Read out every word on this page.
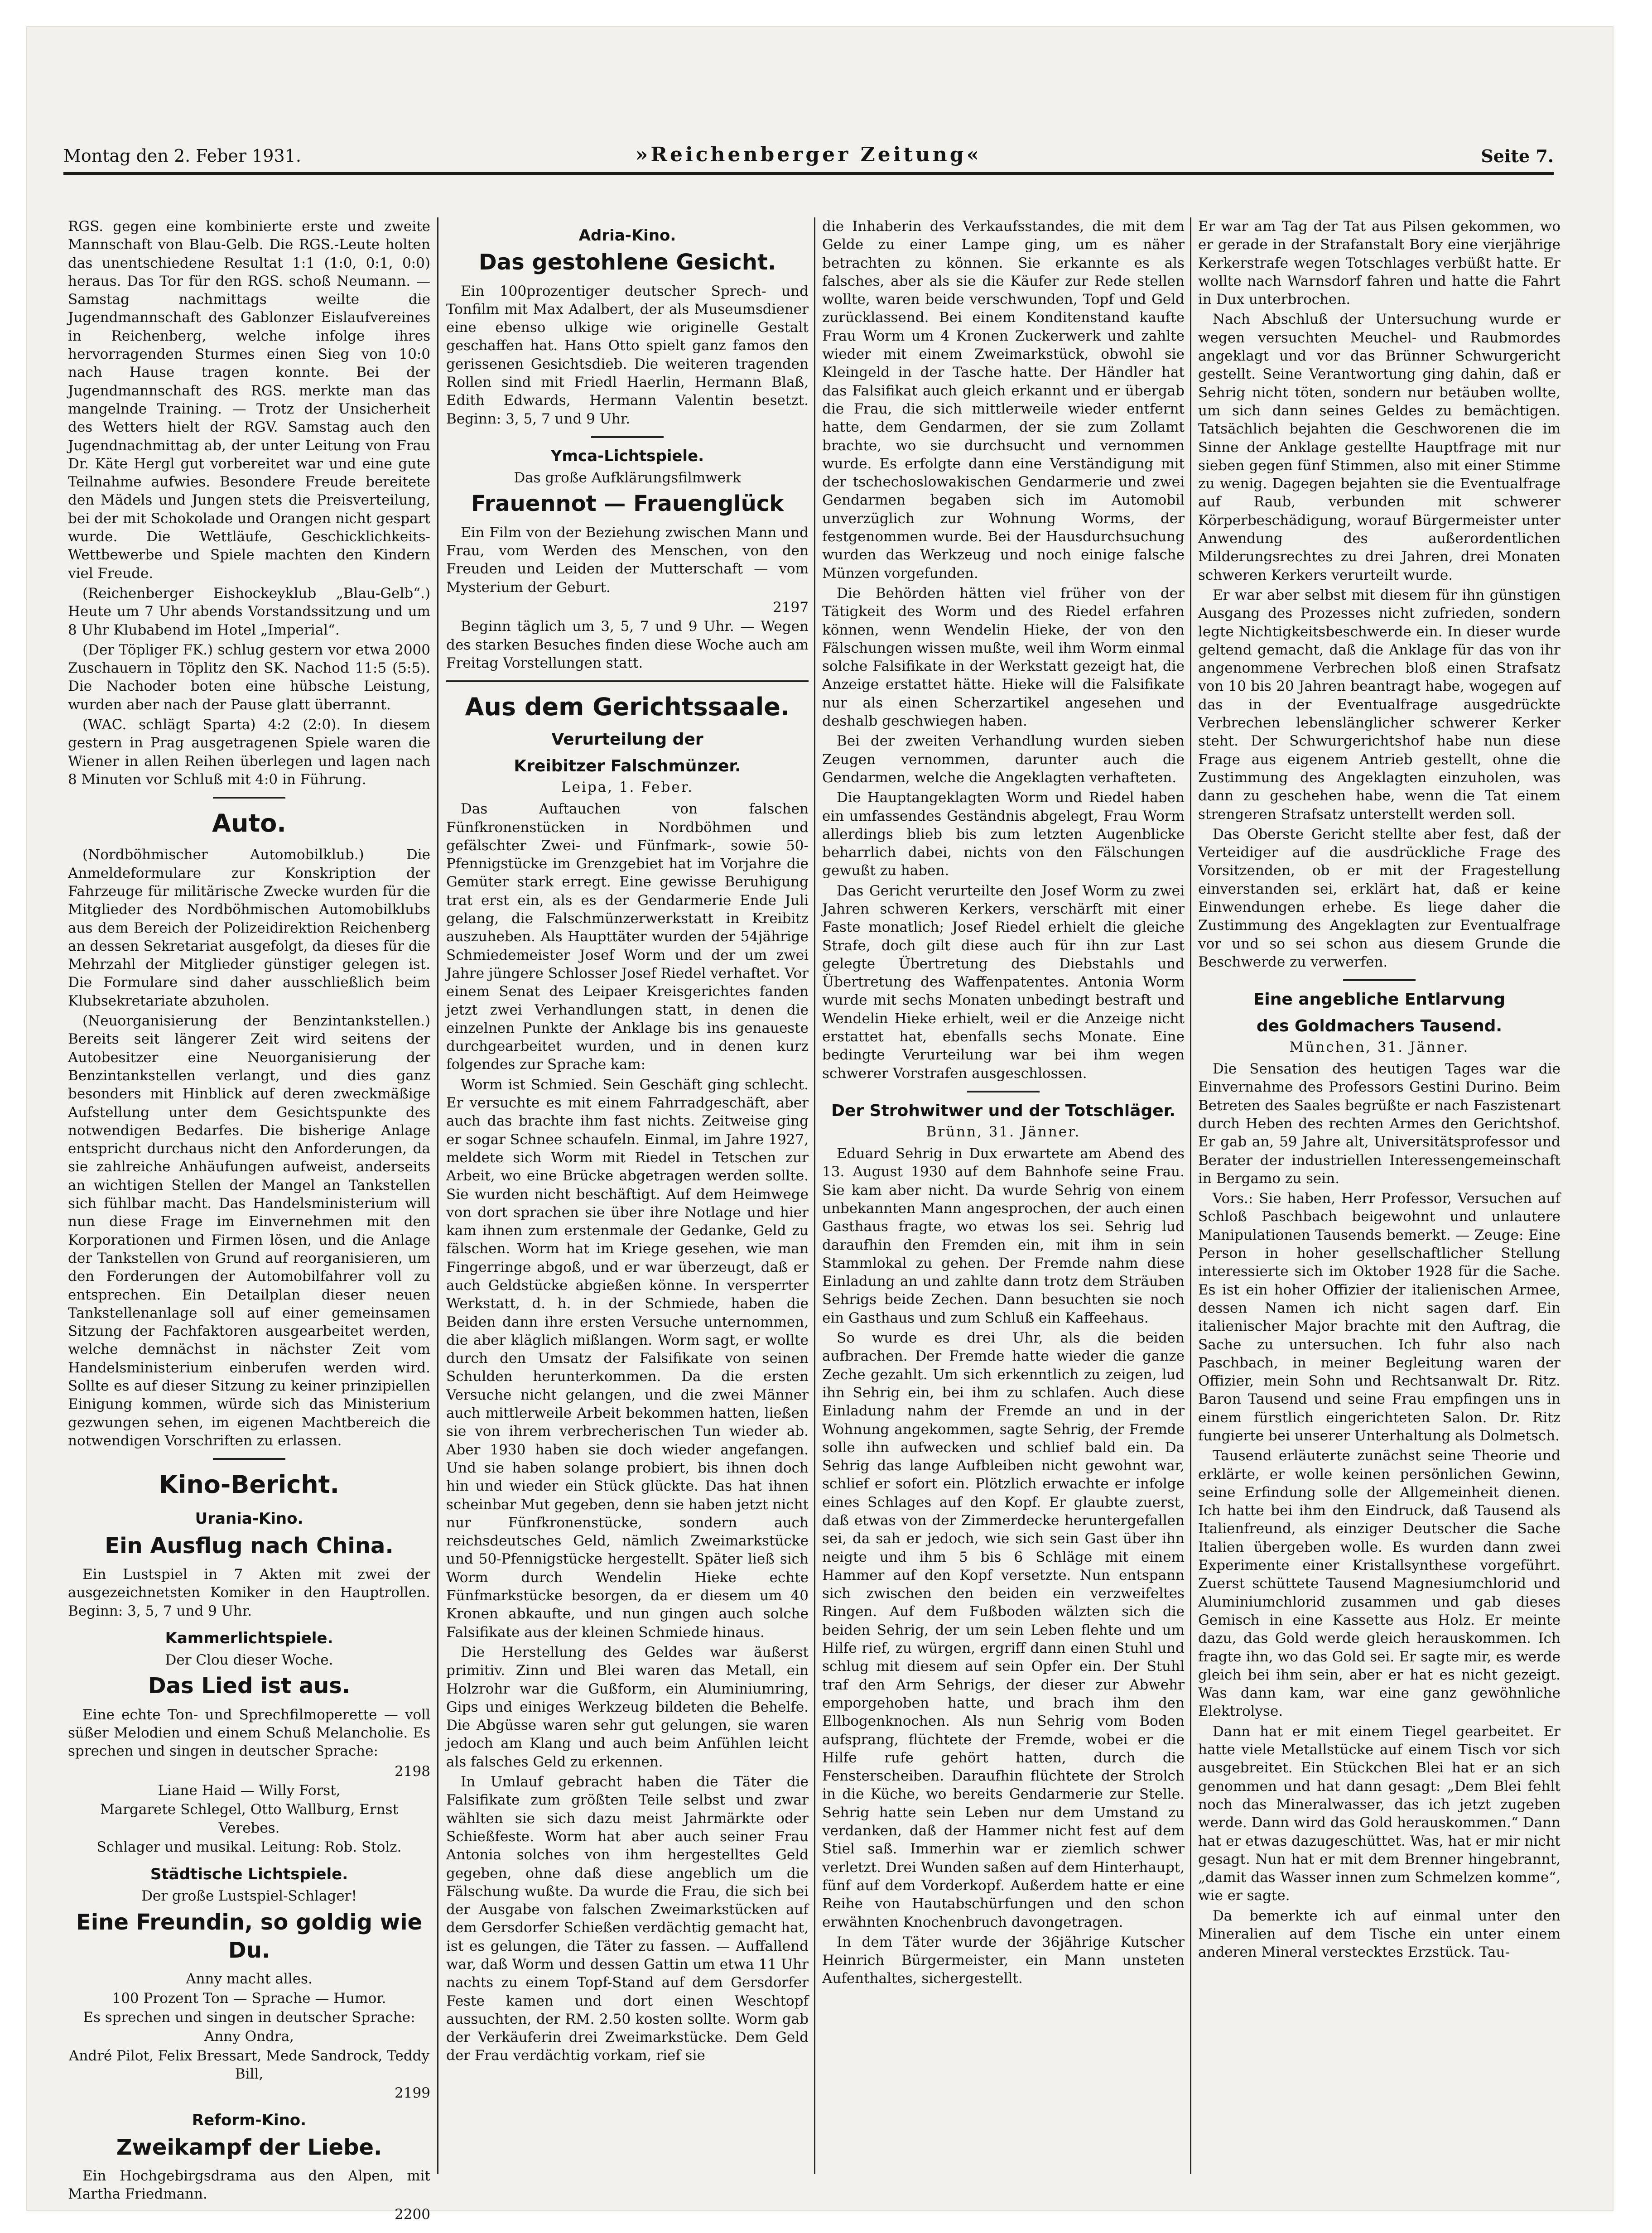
Montag den 2. Feber 1931.	»Reichenberger Zeitung«	Seite 7.

RGS. gegen eine kombinierte erste und zweite Mannschaft von Blau-Gelb. Die RGS.-Leute holten das unentschiedene Resultat 1:1 (1:0, 0:1, 0:0) heraus. Das Tor für den RGS. schoß Neumann. — Samstag nachmittags weilte die Jugendmannschaft des Gablonzer Eislaufvereines in Reichenberg, welche infolge ihres hervorragenden Sturmes einen Sieg von 10:0 nach Hause tragen konnte. Bei der Jugendmannschaft des RGS. merkte man das mangelnde Training. — Trotz der Unsicherheit des Wetters hielt der RGV. Samstag auch den Jugendnachmittag ab, der unter Leitung von Frau Dr. Käte Hergl gut vorbereitet war und eine gute Teilnahme aufwies. Besondere Freude bereitete den Mädels und Jungen stets die Preisverteilung, bei der mit Schokolade und Orangen nicht gespart wurde. Die Wettläufe, Geschicklichkeits-Wettbewerbe und Spiele machten den Kindern viel Freude.

(Reichenberger Eishockeyklub „Blau-Gelb“.) Heute um 7 Uhr abends Vorstandssitzung und um 8 Uhr Klubabend im Hotel „Imperial“.

(Der Töpliger FK.) schlug gestern vor etwa 2000 Zuschauern in Töplitz den SK. Nachod 11:5 (5:5). Die Nachoder boten eine hübsche Leistung, wurden aber nach der Pause glatt überrannt.

(WAC. schlägt Sparta) 4:2 (2:0). In diesem gestern in Prag ausgetragenen Spiele waren die Wiener in allen Reihen überlegen und lagen nach 8 Minuten vor Schluß mit 4:0 in Führung.

Auto.

(Nordböhmischer Automobilklub.) Die Anmeldeformulare zur Konskription der Fahrzeuge für militärische Zwecke wurden für die Mitglieder des Nordböhmischen Automobilklubs aus dem Bereich der Polizeidirektion Reichenberg an dessen Sekretariat ausgefolgt, da dieses für die Mehrzahl der Mitglieder günstiger gelegen ist. Die Formulare sind daher ausschließlich beim Klubsekretariate abzuholen.

(Neuorganisierung der Benzintankstellen.) Bereits seit längerer Zeit wird seitens der Autobesitzer eine Neuorganisierung der Benzintankstellen verlangt, und dies ganz besonders mit Hinblick auf deren zweckmäßige Aufstellung unter dem Gesichtspunkte des notwendigen Bedarfes. Die bisherige Anlage entspricht durchaus nicht den Anforderungen, da sie zahlreiche Anhäufungen aufweist, anderseits an wichtigen Stellen der Mangel an Tankstellen sich fühlbar macht. Das Handelsministerium will nun diese Frage im Einvernehmen mit den Korporationen und Firmen lösen, und die Anlage der Tankstellen von Grund auf reorganisieren, um den Forderungen der Automobilfahrer voll zu entsprechen. Ein Detailplan dieser neuen Tankstellenanlage soll auf einer gemeinsamen Sitzung der Fachfaktoren ausgearbeitet werden, welche demnächst in nächster Zeit vom Handelsministerium einberufen werden wird. Sollte es auf dieser Sitzung zu keiner prinzipiellen Einigung kommen, würde sich das Ministerium gezwungen sehen, im eigenen Machtbereich die notwendigen Vorschriften zu erlassen.

Kino-Bericht.
Urania-Kino.
Ein Ausflug nach China.

Ein Lustspiel in 7 Akten mit zwei der ausgezeichnetsten Komiker in den Hauptrollen. Beginn: 3, 5, 7 und 9 Uhr.

Kammerlichtspiele.
Der Clou dieser Woche.
Das Lied ist aus.

Eine echte Ton- und Sprechfilmoperette — voll süßer Melodien und einem Schuß Melancholie. Es sprechen und singen in deutscher Sprache:

2198
Liane Haid — Willy Forst,
Margarete Schlegel, Otto Wallburg, Ernst Verebes.
Schlager und musikal. Leitung: Rob. Stolz.
Städtische Lichtspiele.
Der große Lustspiel-Schlager!
Eine Freundin, so goldig wie Du.
Anny macht alles.
100 Prozent Ton — Sprache — Humor.
Es sprechen und singen in deutscher Sprache:
Anny Ondra,
André Pilot, Felix Bressart, Mede Sandrock, Teddy Bill,
2199
Reform-Kino.
Zweikampf der Liebe.

Ein Hochgebirgsdrama aus den Alpen, mit Martha Friedmann.

2200
Adria-Kino.
Das gestohlene Gesicht.

Ein 100prozentiger deutscher Sprech- und Tonfilm mit Max Adalbert, der als Museumsdiener eine ebenso ulkige wie originelle Gestalt geschaffen hat. Hans Otto spielt ganz famos den gerissenen Gesichtsdieb. Die weiteren tragenden Rollen sind mit Friedl Haerlin, Hermann Blaß, Edith Edwards, Hermann Valentin besetzt. Beginn: 3, 5, 7 und 9 Uhr.

Ymca-Lichtspiele.
Das große Aufklärungsfilmwerk
Frauennot — Frauenglück

Ein Film von der Beziehung zwischen Mann und Frau, vom Werden des Menschen, von den Freuden und Leiden der Mutterschaft — vom Mysterium der Geburt.

2197

Beginn täglich um 3, 5, 7 und 9 Uhr. — Wegen des starken Besuches finden diese Woche auch am Freitag Vorstellungen statt.

Aus dem Gerichtssaale.
Verurteilung der
Kreibitzer Falschmünzer.
Leipa, 1. Feber.

Das Auftauchen von falschen Fünfkronenstücken in Nordböhmen und gefälschter Zwei- und Fünfmark-, sowie 50-Pfennigstücke im Grenzgebiet hat im Vorjahre die Gemüter stark erregt. Eine gewisse Beruhigung trat erst ein, als es der Gendarmerie Ende Juli gelang, die Falschmünzerwerkstatt in Kreibitz auszuheben. Als Haupttäter wurden der 54jährige Schmiedemeister Josef Worm und der um zwei Jahre jüngere Schlosser Josef Riedel verhaftet. Vor einem Senat des Leipaer Kreisgerichtes fanden jetzt zwei Verhandlungen statt, in denen die einzelnen Punkte der Anklage bis ins genaueste durchgearbeitet wurden, und in denen kurz folgendes zur Sprache kam:

Worm ist Schmied. Sein Geschäft ging schlecht. Er versuchte es mit einem Fahrradgeschäft, aber auch das brachte ihm fast nichts. Zeitweise ging er sogar Schnee schaufeln. Einmal, im Jahre 1927, meldete sich Worm mit Riedel in Tetschen zur Arbeit, wo eine Brücke abgetragen werden sollte. Sie wurden nicht beschäftigt. Auf dem Heimwege von dort sprachen sie über ihre Notlage und hier kam ihnen zum erstenmale der Gedanke, Geld zu fälschen. Worm hat im Kriege gesehen, wie man Fingerringe abgoß, und er war überzeugt, daß er auch Geldstücke abgießen könne. In versperrter Werkstatt, d. h. in der Schmiede, haben die Beiden dann ihre ersten Versuche unternommen, die aber kläglich mißlangen. Worm sagt, er wollte durch den Umsatz der Falsifikate von seinen Schulden herunterkommen. Da die ersten Versuche nicht gelangen, und die zwei Männer auch mittlerweile Arbeit bekommen hatten, ließen sie von ihrem verbrecherischen Tun wieder ab. Aber 1930 haben sie doch wieder angefangen. Und sie haben solange probiert, bis ihnen doch hin und wieder ein Stück glückte. Das hat ihnen scheinbar Mut gegeben, denn sie haben jetzt nicht nur Fünfkronenstücke, sondern auch reichsdeutsches Geld, nämlich Zweimarkstücke und 50-Pfennigstücke hergestellt. Später ließ sich Worm durch Wendelin Hieke echte Fünfmarkstücke besorgen, da er diesem um 40 Kronen abkaufte, und nun gingen auch solche Falsifikate aus der kleinen Schmiede hinaus.

Die Herstellung des Geldes war äußerst primitiv. Zinn und Blei waren das Metall, ein Holzrohr war die Gußform, ein Aluminiumring, Gips und einiges Werkzeug bildeten die Behelfe. Die Abgüsse waren sehr gut gelungen, sie waren jedoch am Klang und auch beim Anfühlen leicht als falsches Geld zu erkennen.

In Umlauf gebracht haben die Täter die Falsifikate zum größten Teile selbst und zwar wählten sie sich dazu meist Jahrmärkte oder Schießfeste. Worm hat aber auch seiner Frau Antonia solches von ihm hergestelltes Geld gegeben, ohne daß diese angeblich um die Fälschung wußte. Da wurde die Frau, die sich bei der Ausgabe von falschen Zweimarkstücken auf dem Gersdorfer Schießen verdächtig gemacht hat, ist es gelungen, die Täter zu fassen. — Auffallend war, daß Worm und dessen Gattin um etwa 11 Uhr nachts zu einem Topf-Stand auf dem Gersdorfer Feste kamen und dort einen Weschtopf aussuchten, der RM. 2.50 kosten sollte. Worm gab der Verkäuferin drei Zweimarkstücke. Dem Geld der Frau verdächtig vorkam, rief sie

die Inhaberin des Verkaufsstandes, die mit dem Gelde zu einer Lampe ging, um es näher betrachten zu können. Sie erkannte es als falsches, aber als sie die Käufer zur Rede stellen wollte, waren beide verschwunden, Topf und Geld zurücklassend. Bei einem Konditenstand kaufte Frau Worm um 4 Kronen Zuckerwerk und zahlte wieder mit einem Zweimarkstück, obwohl sie Kleingeld in der Tasche hatte. Der Händler hat das Falsifikat auch gleich erkannt und er übergab die Frau, die sich mittlerweile wieder entfernt hatte, dem Gendarmen, der sie zum Zollamt brachte, wo sie durchsucht und vernommen wurde. Es erfolgte dann eine Verständigung mit der tschechoslowakischen Gendarmerie und zwei Gendarmen begaben sich im Automobil unverzüglich zur Wohnung Worms, der festgenommen wurde. Bei der Hausdurchsuchung wurden das Werkzeug und noch einige falsche Münzen vorgefunden.

Die Behörden hätten viel früher von der Tätigkeit des Worm und des Riedel erfahren können, wenn Wendelin Hieke, der von den Fälschungen wissen mußte, weil ihm Worm einmal solche Falsifikate in der Werkstatt gezeigt hat, die Anzeige erstattet hätte. Hieke will die Falsifikate nur als einen Scherzartikel angesehen und deshalb geschwiegen haben.

Bei der zweiten Verhandlung wurden sieben Zeugen vernommen, darunter auch die Gendarmen, welche die Angeklagten verhafteten.

Die Hauptangeklagten Worm und Riedel haben ein umfassendes Geständnis abgelegt, Frau Worm allerdings blieb bis zum letzten Augenblicke beharrlich dabei, nichts von den Fälschungen gewußt zu haben.

Das Gericht verurteilte den Josef Worm zu zwei Jahren schweren Kerkers, verschärft mit einer Faste monatlich; Josef Riedel erhielt die gleiche Strafe, doch gilt diese auch für ihn zur Last gelegte Übertretung des Diebstahls und Übertretung des Waffenpatentes. Antonia Worm wurde mit sechs Monaten unbedingt bestraft und Wendelin Hieke erhielt, weil er die Anzeige nicht erstattet hat, ebenfalls sechs Monate. Eine bedingte Verurteilung war bei ihm wegen schwerer Vorstrafen ausgeschlossen.

Der Strohwitwer und der Totschläger.
Brünn, 31. Jänner.

Eduard Sehrig in Dux erwartete am Abend des 13. August 1930 auf dem Bahnhofe seine Frau. Sie kam aber nicht. Da wurde Sehrig von einem unbekannten Mann angesprochen, der auch einen Gasthaus fragte, wo etwas los sei. Sehrig lud daraufhin den Fremden ein, mit ihm in sein Stammlokal zu gehen. Der Fremde nahm diese Einladung an und zahlte dann trotz dem Sträuben Sehrigs beide Zechen. Dann besuchten sie noch ein Gasthaus und zum Schluß ein Kaffeehaus.

So wurde es drei Uhr, als die beiden aufbrachen. Der Fremde hatte wieder die ganze Zeche gezahlt. Um sich erkenntlich zu zeigen, lud ihn Sehrig ein, bei ihm zu schlafen. Auch diese Einladung nahm der Fremde an und in der Wohnung angekommen, sagte Sehrig, der Fremde solle ihn aufwecken und schlief bald ein. Da Sehrig das lange Aufbleiben nicht gewohnt war, schlief er sofort ein. Plötzlich erwachte er infolge eines Schlages auf den Kopf. Er glaubte zuerst, daß etwas von der Zimmerdecke heruntergefallen sei, da sah er jedoch, wie sich sein Gast über ihn neigte und ihm 5 bis 6 Schläge mit einem Hammer auf den Kopf versetzte. Nun entspann sich zwischen den beiden ein verzweifeltes Ringen. Auf dem Fußboden wälzten sich die beiden Sehrig, der um sein Leben flehte und um Hilfe rief, zu würgen, ergriff dann einen Stuhl und schlug mit diesem auf sein Opfer ein. Der Stuhl traf den Arm Sehrigs, der dieser zur Abwehr emporgehoben hatte, und brach ihm den Ellbogenknochen. Als nun Sehrig vom Boden aufsprang, flüchtete der Fremde, wobei er die Hilfe rufe gehört hatten, durch die Fensterscheiben. Daraufhin flüchtete der Strolch in die Küche, wo bereits Gendarmerie zur Stelle. Sehrig hatte sein Leben nur dem Umstand zu verdanken, daß der Hammer nicht fest auf dem Stiel saß. Immerhin war er ziemlich schwer verletzt. Drei Wunden saßen auf dem Hinterhaupt, fünf auf dem Vorderkopf. Außerdem hatte er eine Reihe von Hautabschürfungen und den schon erwähnten Knochenbruch davongetragen.

In dem Täter wurde der 36jährige Kutscher Heinrich Bürgermeister, ein Mann unsteten Aufenthaltes, sichergestellt.

Er war am Tag der Tat aus Pilsen gekommen, wo er gerade in der Strafanstalt Bory eine vierjährige Kerkerstrafe wegen Totschlages verbüßt hatte. Er wollte nach Warnsdorf fahren und hatte die Fahrt in Dux unterbrochen.

Nach Abschluß der Untersuchung wurde er wegen versuchten Meuchel- und Raubmordes angeklagt und vor das Brünner Schwurgericht gestellt. Seine Verantwortung ging dahin, daß er Sehrig nicht töten, sondern nur betäuben wollte, um sich dann seines Geldes zu bemächtigen. Tatsächlich bejahten die Geschworenen die im Sinne der Anklage gestellte Hauptfrage mit nur sieben gegen fünf Stimmen, also mit einer Stimme zu wenig. Dagegen bejahten sie die Eventualfrage auf Raub, verbunden mit schwerer Körperbeschädigung, worauf Bürgermeister unter Anwendung des außerordentlichen Milderungsrechtes zu drei Jahren, drei Monaten schweren Kerkers verurteilt wurde.

Er war aber selbst mit diesem für ihn günstigen Ausgang des Prozesses nicht zufrieden, sondern legte Nichtigkeitsbeschwerde ein. In dieser wurde geltend gemacht, daß die Anklage für das von ihr angenommene Verbrechen bloß einen Strafsatz von 10 bis 20 Jahren beantragt habe, wogegen auf das in der Eventualfrage ausgedrückte Verbrechen lebenslänglicher schwerer Kerker steht. Der Schwurgerichtshof habe nun diese Frage aus eigenem Antrieb gestellt, ohne die Zustimmung des Angeklagten einzuholen, was dann zu geschehen habe, wenn die Tat einem strengeren Strafsatz unterstellt werden soll.

Das Oberste Gericht stellte aber fest, daß der Verteidiger auf die ausdrückliche Frage des Vorsitzenden, ob er mit der Fragestellung einverstanden sei, erklärt hat, daß er keine Einwendungen erhebe. Es liege daher die Zustimmung des Angeklagten zur Eventualfrage vor und so sei schon aus diesem Grunde die Beschwerde zu verwerfen.

Eine angebliche Entlarvung
des Goldmachers Tausend.
München, 31. Jänner.

Die Sensation des heutigen Tages war die Einvernahme des Professors Gestini Durino. Beim Betreten des Saales begrüßte er nach Faszistenart durch Heben des rechten Armes den Gerichtshof. Er gab an, 59 Jahre alt, Universitätsprofessor und Berater der industriellen Interessengemeinschaft in Bergamo zu sein.

Vors.: Sie haben, Herr Professor, Versuchen auf Schloß Paschbach beigewohnt und unlautere Manipulationen Tausends bemerkt. — Zeuge: Eine Person in hoher gesellschaftlicher Stellung interessierte sich im Oktober 1928 für die Sache. Es ist ein hoher Offizier der italienischen Armee, dessen Namen ich nicht sagen darf. Ein italienischer Major brachte mit den Auftrag, die Sache zu untersuchen. Ich fuhr also nach Paschbach, in meiner Begleitung waren der Offizier, mein Sohn und Rechtsanwalt Dr. Ritz. Baron Tausend und seine Frau empfingen uns in einem fürstlich eingerichteten Salon. Dr. Ritz fungierte bei unserer Unterhaltung als Dolmetsch.

Tausend erläuterte zunächst seine Theorie und erklärte, er wolle keinen persönlichen Gewinn, seine Erfindung solle der Allgemeinheit dienen. Ich hatte bei ihm den Eindruck, daß Tausend als Italienfreund, als einziger Deutscher die Sache Italien übergeben wolle. Es wurden dann zwei Experimente einer Kristallsynthese vorgeführt. Zuerst schüttete Tausend Magnesiumchlorid und Aluminiumchlorid zusammen und gab dieses Gemisch in eine Kassette aus Holz. Er meinte dazu, das Gold werde gleich herauskommen. Ich fragte ihn, wo das Gold sei. Er sagte mir, es werde gleich bei ihm sein, aber er hat es nicht gezeigt. Was dann kam, war eine ganz gewöhnliche Elektrolyse.

Dann hat er mit einem Tiegel gearbeitet. Er hatte viele Metallstücke auf einem Tisch vor sich ausgebreitet. Ein Stückchen Blei hat er an sich genommen und hat dann gesagt: „Dem Blei fehlt noch das Mineralwasser, das ich jetzt zugeben werde. Dann wird das Gold herauskommen.“ Dann hat er etwas dazugeschüttet. Was, hat er mir nicht gesagt. Nun hat er mit dem Brenner hingebrannt, „damit das Wasser innen zum Schmelzen komme“, wie er sagte.

Da bemerkte ich auf einmal unter den Mineralien auf dem Tische ein unter einem anderen Mineral verstecktes Erzstück. Tau-
